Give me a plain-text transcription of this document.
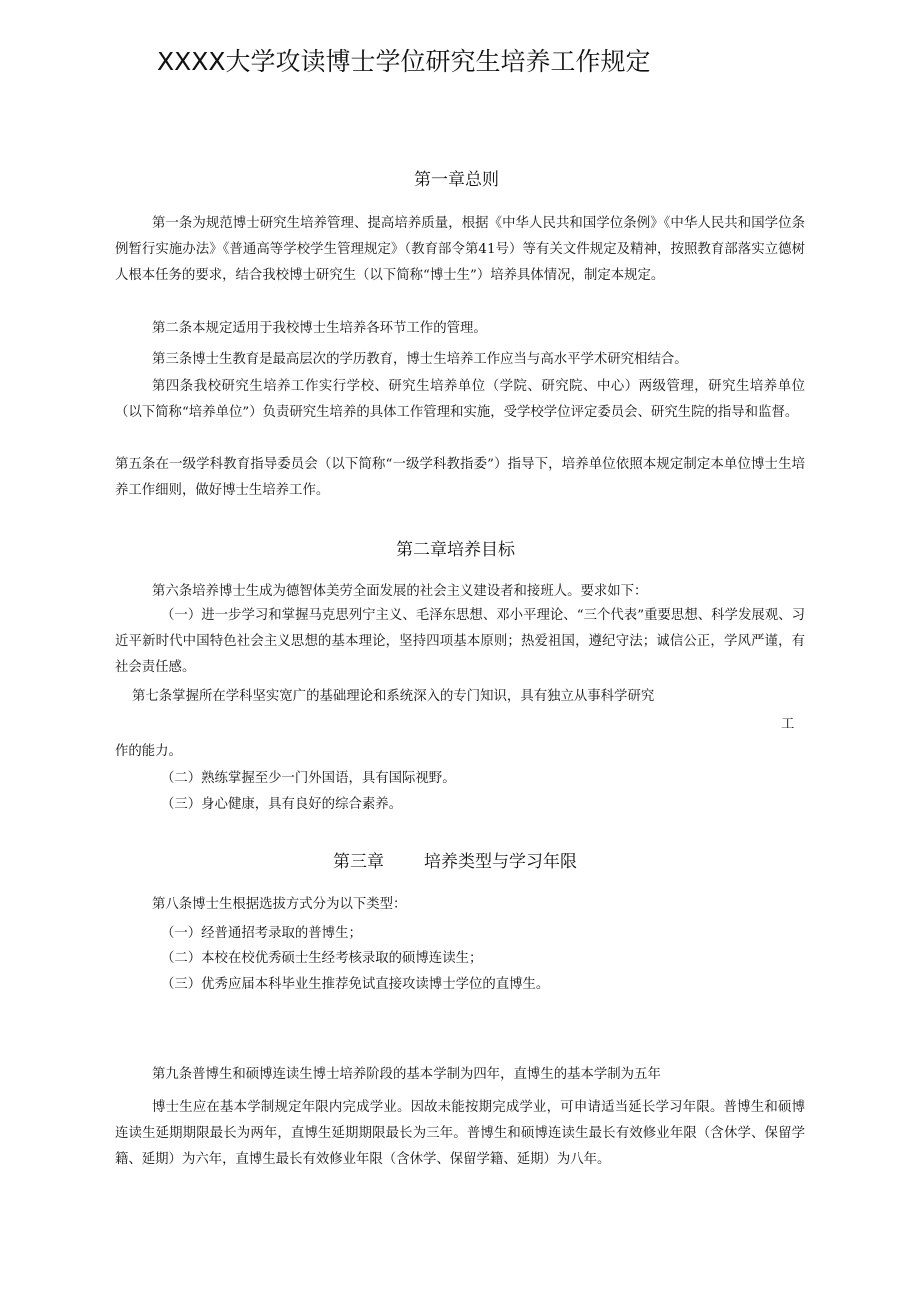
XXXX大学攻读博士学位研究生培养工作规定
第一章总则

第一条为规范博士研究生培养管理、提高培养质量，根据《中华人民共和国学位条例》《中华人民共和国学位条例暂行实施办法》《普通高等学校学生管理规定》（教育部令第41号）等有关文件规定及精神，按照教育部落实立德树人根本任务的要求，结合我校博士研究生（以下简称“博士生”）培养具体情况，制定本规定。

第二条本规定适用于我校博士生培养各环节工作的管理。

第三条博士生教育是最高层次的学历教育，博士生培养工作应当与高水平学术研究相结合。

第四条我校研究生培养工作实行学校、研究生培养单位（学院、研究院、中心）两级管理，研究生培养单位（以下简称“培养单位”）负责研究生培养的具体工作管理和实施，受学校学位评定委员会、研究生院的指导和监督。

第五条在一级学科教育指导委员会（以下简称“一级学科教指委”）指导下，培养单位依照本规定制定本单位博士生培养工作细则，做好博士生培养工作。

第二章培养目标

第六条培养博士生成为德智体美劳全面发展的社会主义建设者和接班人。要求如下：

（一）进一步学习和掌握马克思列宁主义、毛泽东思想、邓小平理论、“三个代表”重要思想、科学发展观、习近平新时代中国特色社会主义思想的基本理论，坚持四项基本原则；热爱祖国，遵纪守法；诚信公正，学风严谨，有社会责任感。

第七条掌握所在学科坚实宽广的基础理论和系统深入的专门知识，具有独立从事科学研究

工

作的能力。

（二）熟练掌握至少一门外国语，具有国际视野。

（三）身心健康，具有良好的综合素养。

第三章 培养类型与学习年限

第八条博士生根据选拔方式分为以下类型：

（一）经普通招考录取的普博生；

（二）本校在校优秀硕士生经考核录取的硕博连读生；

（三）优秀应届本科毕业生推荐免试直接攻读博士学位的直博生。

第九条普博生和硕博连读生博士培养阶段的基本学制为四年，直博生的基本学制为五年

博士生应在基本学制规定年限内完成学业。因故未能按期完成学业，可申请适当延长学习年限。普博生和硕博连读生延期期限最长为两年，直博生延期期限最长为三年。普博生和硕博连读生最长有效修业年限（含休学、保留学籍、延期）为六年，直博生最长有效修业年限（含休学、保留学籍、延期）为八年。
